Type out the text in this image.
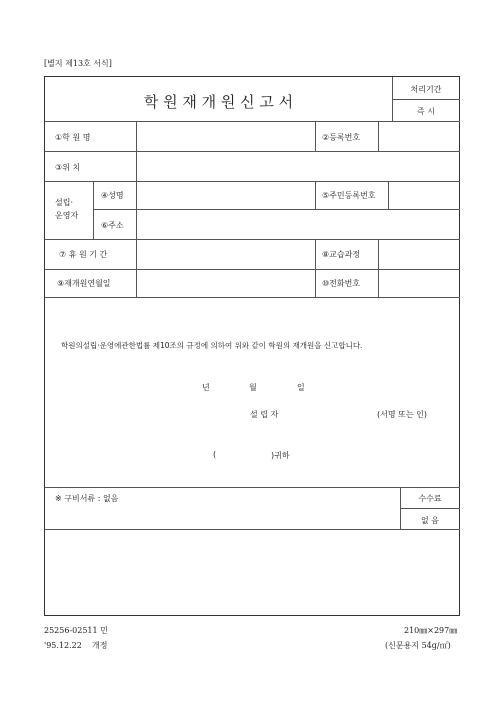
[별지 제13호 서식]
학 원 재 개 원 신 고 서
처리기간
즉 시
①학 원 명	②등록번호
③위 치
설립·
운영자
④성명	⑤주민등록번호
⑥주소
⑦ 휴 원 기 간	⑧교습과정
⑨재개원연월일	⑩전화번호
학원의설립·운영에관한법률 제10조의 규정에 의하여 위와 같이 학원의 재개원을 신고합니다.
년	월	일
설 립 자	(서명 또는 인)
(	)귀하
※ 구비서류 : 없음	수수료
없 음
25256-02511 민
'95.12.22 개정
210㎜×297㎜
(신문용지 54g/㎡)
